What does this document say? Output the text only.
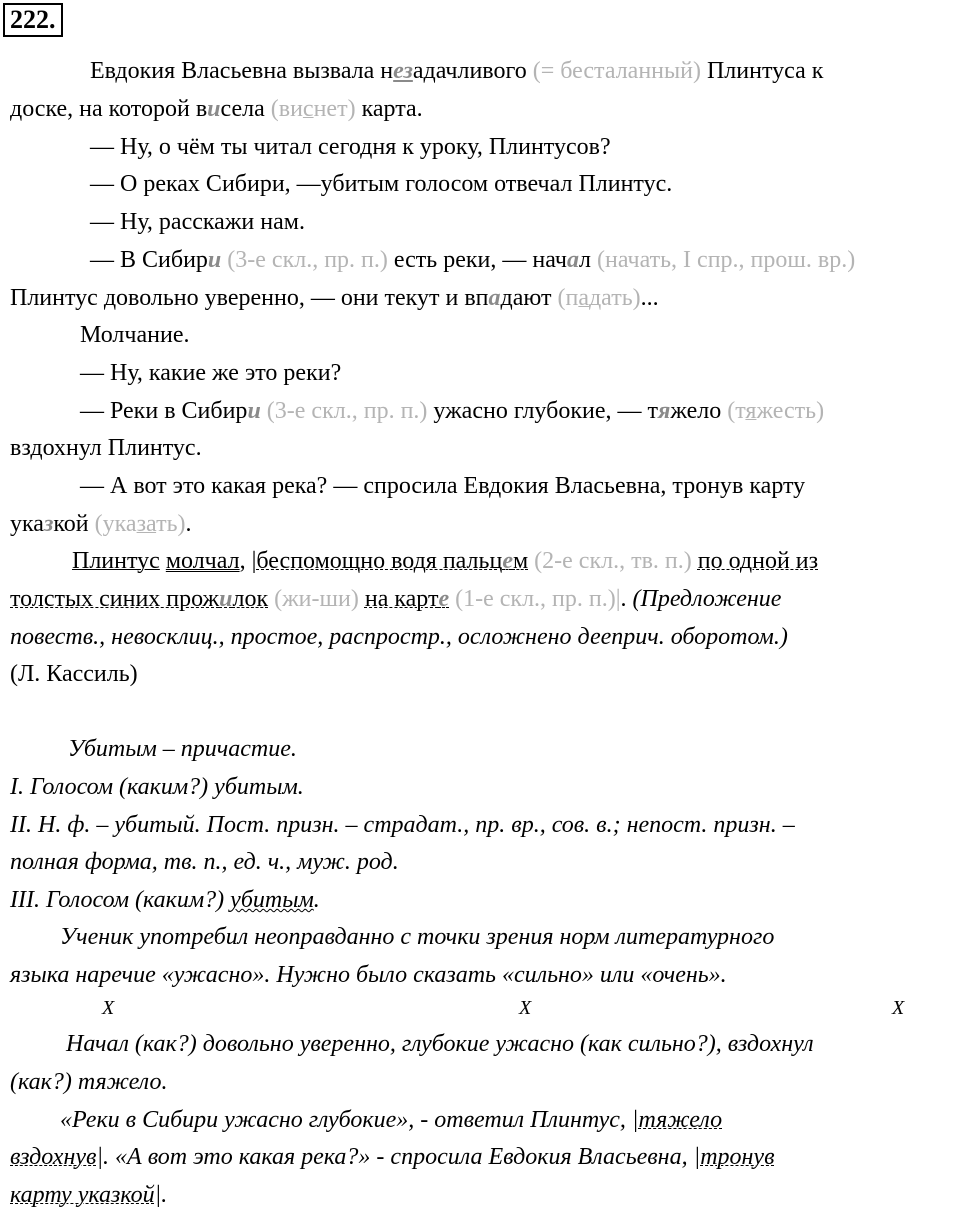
222.
Евдокия Власьевна вызвала незадачливого (= бесталанный) Плинтуса к
доске, на которой висела (виснет) карта.
— Ну, о чём ты читал сегодня к уроку, Плинтусов?
— О реках Сибири, —убитым голосом отвечал Плинтус.
— Ну, расскажи нам.
— В Сибири (3-е скл., пр. п.) есть реки, — начал (начать, I спр., прош. вр.)
Плинтус довольно уверенно, — они текут и впадают (падать)...
Молчание.
— Ну, какие же это реки?
— Реки в Сибири (3-е скл., пр. п.) ужасно глубокие, — тяжело (тяжесть)
вздохнул Плинтус.
— А вот это какая река? — спросила Евдокия Власьевна, тронув карту
указкой (указать).
Плинтус молчал, |беспомощно водя пальцем (2-е скл., тв. п.) по одной из
толстых синих прожилок (жи-ши) на карте (1-е скл., пр. п.)|. (Предложение
повеств., невосклиц., простое, распростр., осложнено дееприч. оборотом.)
(Л. Кассиль)
Убитым – причастие.
I. Голосом (каким?) убитым.
II. Н. ф. – убитый. Пост. призн. – страдат., пр. вр., сов. в.; непост. призн. –
полная форма, тв. п., ед. ч., муж. род.
III. Голосом (каким?) убитым.
Ученик употребил неоправданно с точки зрения норм литературного
языка наречие «ужасно». Нужно было сказать «сильно» или «очень».
X	X	X
Начал (как?) довольно уверенно, глубокие ужасно (как сильно?), вздохнул
(как?) тяжело.
«Реки в Сибири ужасно глубокие», - ответил Плинтус, |тяжело
вздохнув|. «А вот это какая река?» - спросила Евдокия Власьевна, |тронув
карту указкой|.
